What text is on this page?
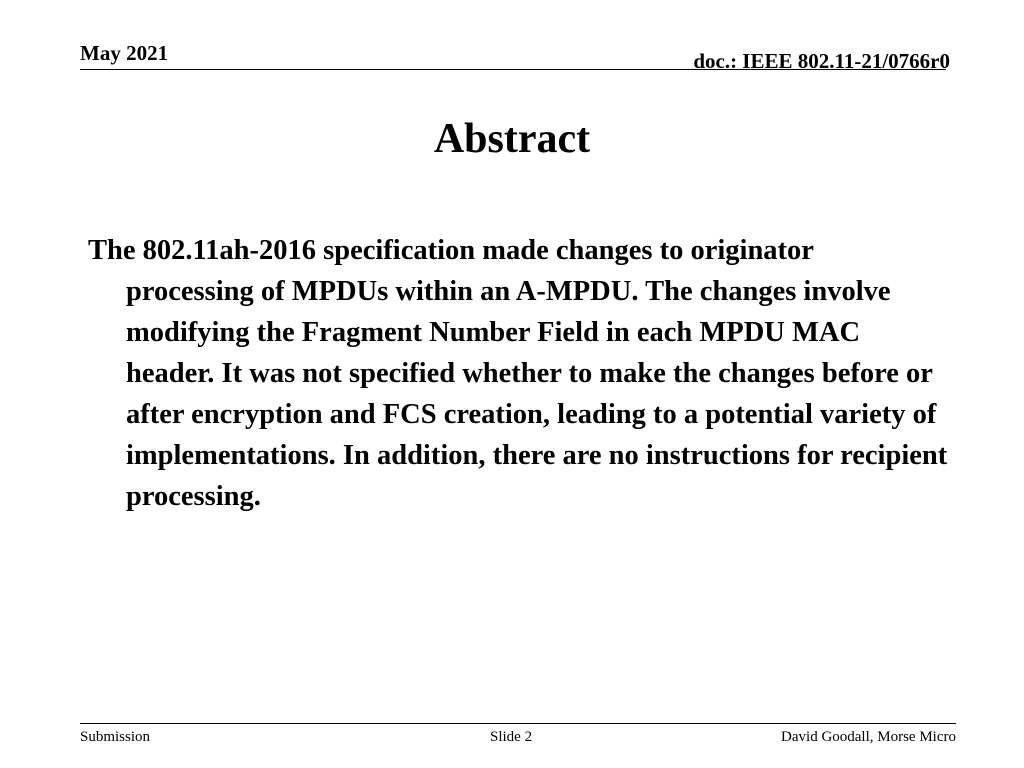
May 2021	doc.: IEEE 802.11-21/0766r0
Abstract
The 802.11ah-2016 specification made changes to originator processing of MPDUs within an A-MPDU. The changes involve modifying the Fragment Number Field in each MPDU MAC header. It was not specified whether to make the changes before or after encryption and FCS creation, leading to a potential variety of implementations. In addition, there are no instructions for recipient processing.
Submission	Slide 2	David Goodall, Morse Micro
